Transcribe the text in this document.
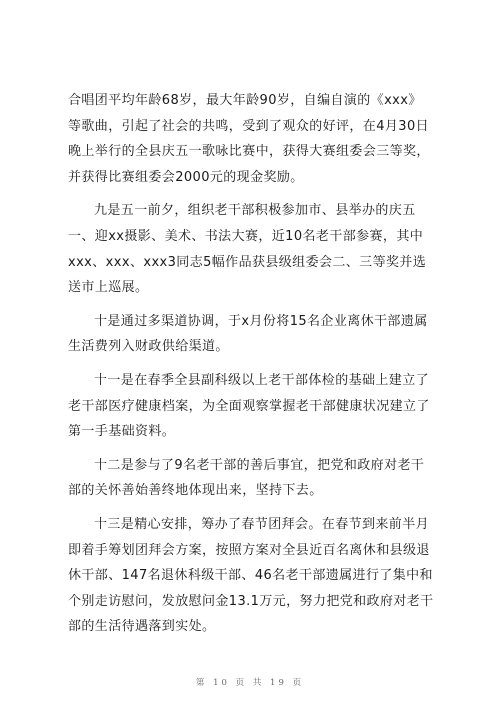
合唱团平均年龄68岁，最大年龄90岁，自编自演的《xxx》等歌曲，引起了社会的共鸣，受到了观众的好评，在4月30日晚上举行的全县庆五一歌咏比赛中，获得大赛组委会三等奖，并获得比赛组委会2000元的现金奖励。

九是五一前夕，组织老干部积极参加市、县举办的庆五一、迎xx摄影、美术、书法大赛，近10名老干部参赛，其中xxx、xxx、xxx3同志5幅作品获县级组委会二、三等奖并选送市上巡展。

十是通过多渠道协调，于x月份将15名企业离休干部遗属生活费列入财政供给渠道。

十一是在春季全县副科级以上老干部体检的基础上建立了老干部医疗健康档案，为全面观察掌握老干部健康状况建立了第一手基础资料。

十二是参与了9名老干部的善后事宜，把党和政府对老干部的关怀善始善终地体现出来，坚持下去。

十三是精心安排，筹办了春节团拜会。在春节到来前半月即着手筹划团拜会方案，按照方案对全县近百名离休和县级退休干部、147名退休科级干部、46名老干部遗属进行了集中和个别走访慰问，发放慰问金13.1万元，努力把党和政府对老干部的生活待遇落到实处。

第 10 页 共 19 页
